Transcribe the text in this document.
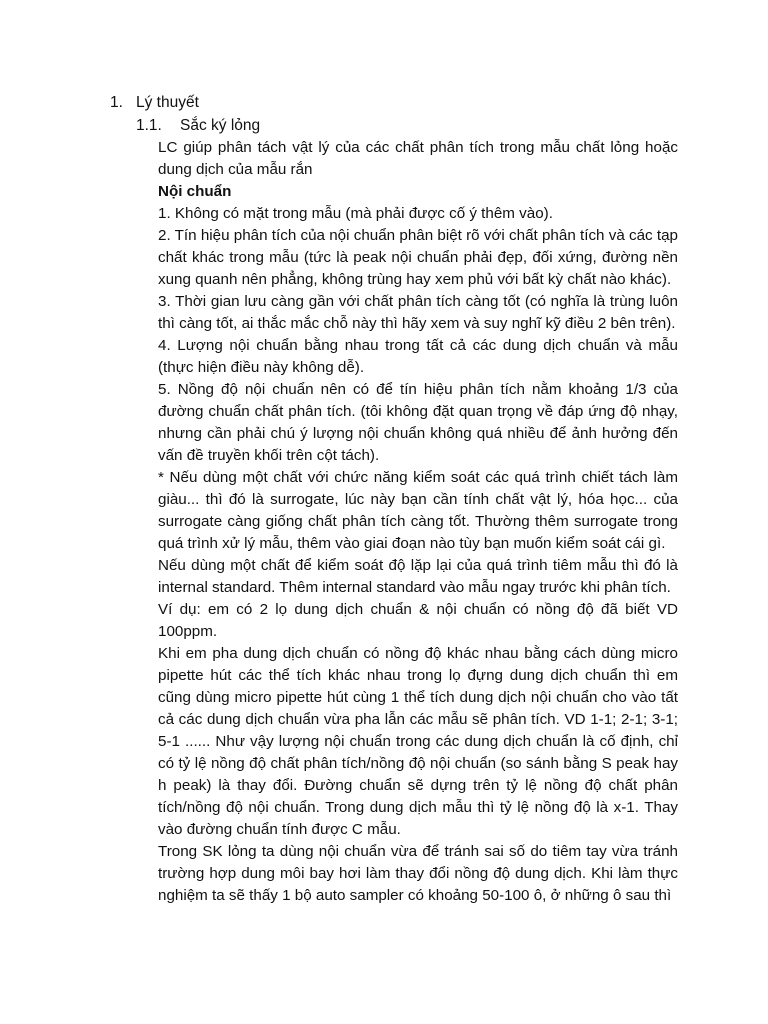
1. Lý thuyết
1.1. Sắc ký lỏng

LC giúp phân tách vật lý của các chất phân tích trong mẫu chất lỏng hoặc dung dịch của mẫu rắn

Nội chuẩn

1. Không có mặt trong mẫu (mà phải được cố ý thêm vào).

2. Tín hiệu phân tích của nội chuẩn phân biệt rõ với chất phân tích và các tạp chất khác trong mẫu (tức là peak nội chuẩn phải đẹp, đối xứng, đường nền xung quanh nên phẳng, không trùng hay xem phủ với bất kỳ chất nào khác).

3. Thời gian lưu càng gần với chất phân tích càng tốt (có nghĩa là trùng luôn thì càng tốt, ai thắc mắc chỗ này thì hãy xem và suy nghĩ kỹ điều 2 bên trên).

4. Lượng nội chuẩn bằng nhau trong tất cả các dung dịch chuẩn và mẫu (thực hiện điều này không dễ).

5. Nồng độ nội chuẩn nên có để tín hiệu phân tích nằm khoảng 1/3 của đường chuẩn chất phân tích. (tôi không đặt quan trọng về đáp ứng độ nhạy, nhưng cần phải chú ý lượng nội chuẩn không quá nhiều để ảnh hưởng đến vấn đề truyền khối trên cột tách).

* Nếu dùng một chất với chức năng kiểm soát các quá trình chiết tách làm giàu... thì đó là surrogate, lúc này bạn cần tính chất vật lý, hóa học... của surrogate càng giống chất phân tích càng tốt. Thường thêm surrogate trong quá trình xử lý mẫu, thêm vào giai đoạn nào tùy bạn muốn kiểm soát cái gì.

Nếu dùng một chất để kiểm soát độ lặp lại của quá trình tiêm mẫu thì đó là internal standard. Thêm internal standard vào mẫu ngay trước khi phân tích.

Ví dụ: em có 2 lọ dung dịch chuẩn & nội chuẩn có nồng độ đã biết VD 100ppm.

Khi em pha dung dịch chuẩn có nồng độ khác nhau bằng cách dùng micro pipette hút các thể tích khác nhau trong lọ đựng dung dịch chuẩn thì em cũng dùng micro pipette hút cùng 1 thể tích dung dịch nội chuẩn cho vào tất cả các dung dịch chuẩn vừa pha lẫn các mẫu sẽ phân tích. VD 1-1; 2-1; 3-1; 5-1 ...... Như vậy lượng nội chuẩn trong các dung dịch chuẩn là cố định, chỉ có tỷ lệ nồng độ chất phân tích/nồng độ nội chuẩn (so sánh bằng S peak hay h peak) là thay đổi. Đường chuẩn sẽ dựng trên tỷ lệ nồng độ chất phân tích/nồng độ nội chuẩn. Trong dung dịch mẫu thì tỷ lệ nồng độ là x-1. Thay vào đường chuẩn tính được C mẫu.

Trong SK lỏng ta dùng nội chuẩn vừa để tránh sai số do tiêm tay vừa tránh trường hợp dung môi bay hơi làm thay đổi nồng độ dung dịch. Khi làm thực nghiệm ta sẽ thấy 1 bộ auto sampler có khoảng 50-100 ô, ở những ô sau thì
